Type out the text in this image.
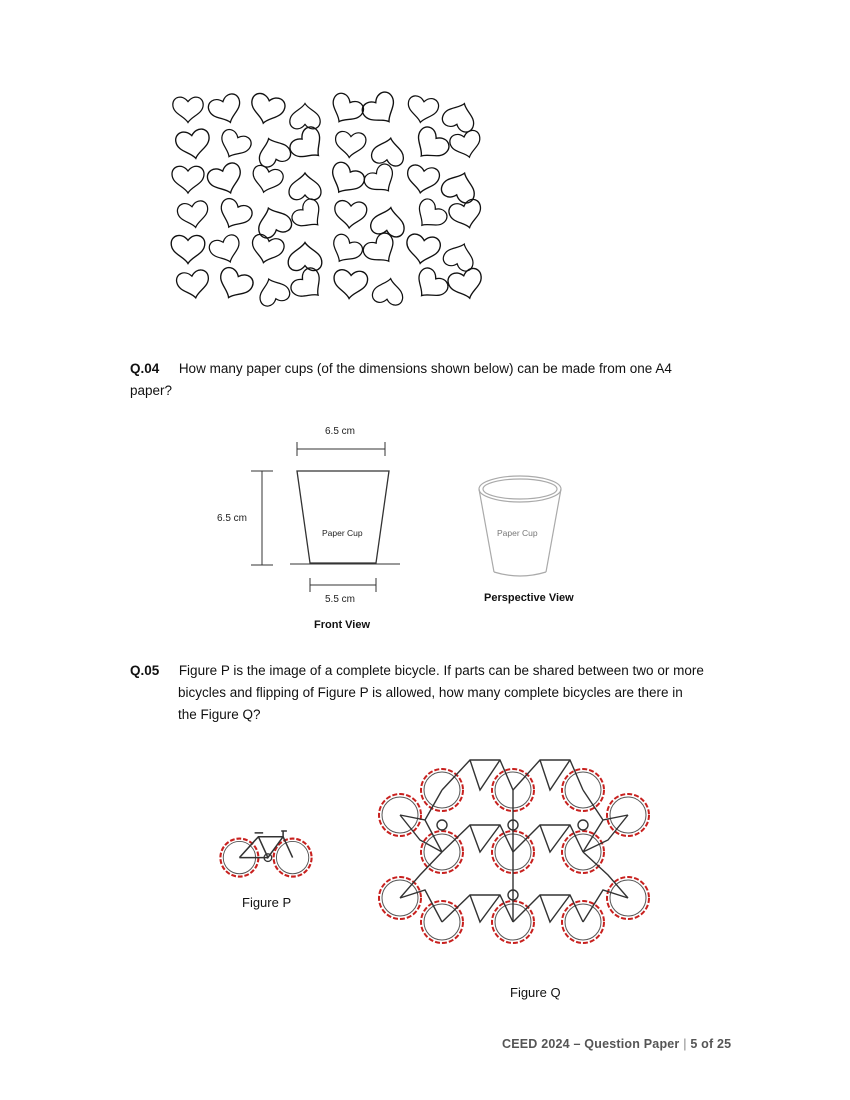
Q.04 How many paper cups (of the dimensions shown below) can be made from one A4
paper?
6.5 cm
6.5 cm
5.5 cm
Paper Cup	Paper Cup
Front View
Perspective View
Q.05 Figure P is the image of a complete bicycle. If parts can be shared between two or more
bicycles and flipping of Figure P is allowed, how many complete bicycles are there in
the Figure Q?
Figure P
Figure Q
CEED 2024 – Question Paper | 5 of 25
